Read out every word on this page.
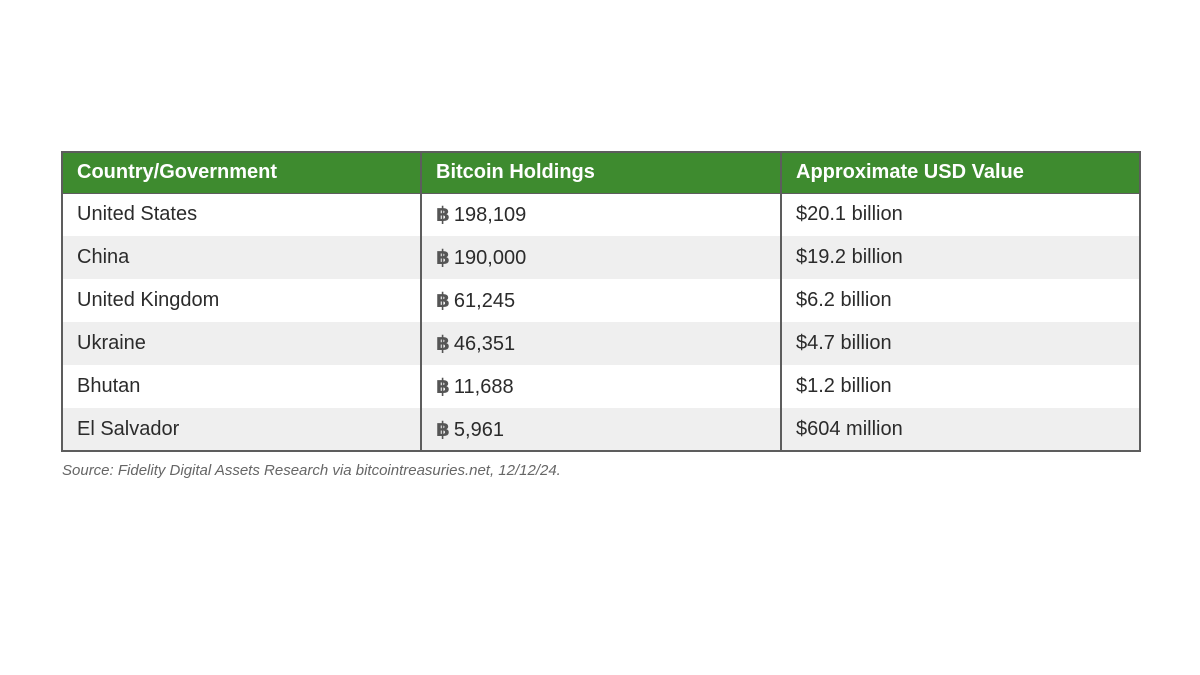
Country/Government	Bitcoin Holdings	Approximate USD Value
United States	฿ 198,109	$20.1 billion
China	฿ 190,000	$19.2 billion
United Kingdom	฿ 61,245	$6.2 billion
Ukraine	฿ 46,351	$4.7 billion
Bhutan	฿ 11,688	$1.2 billion
El Salvador	฿ 5,961	$604 million
Source: Fidelity Digital Assets Research via bitcointreasuries.net, 12/12/24.
